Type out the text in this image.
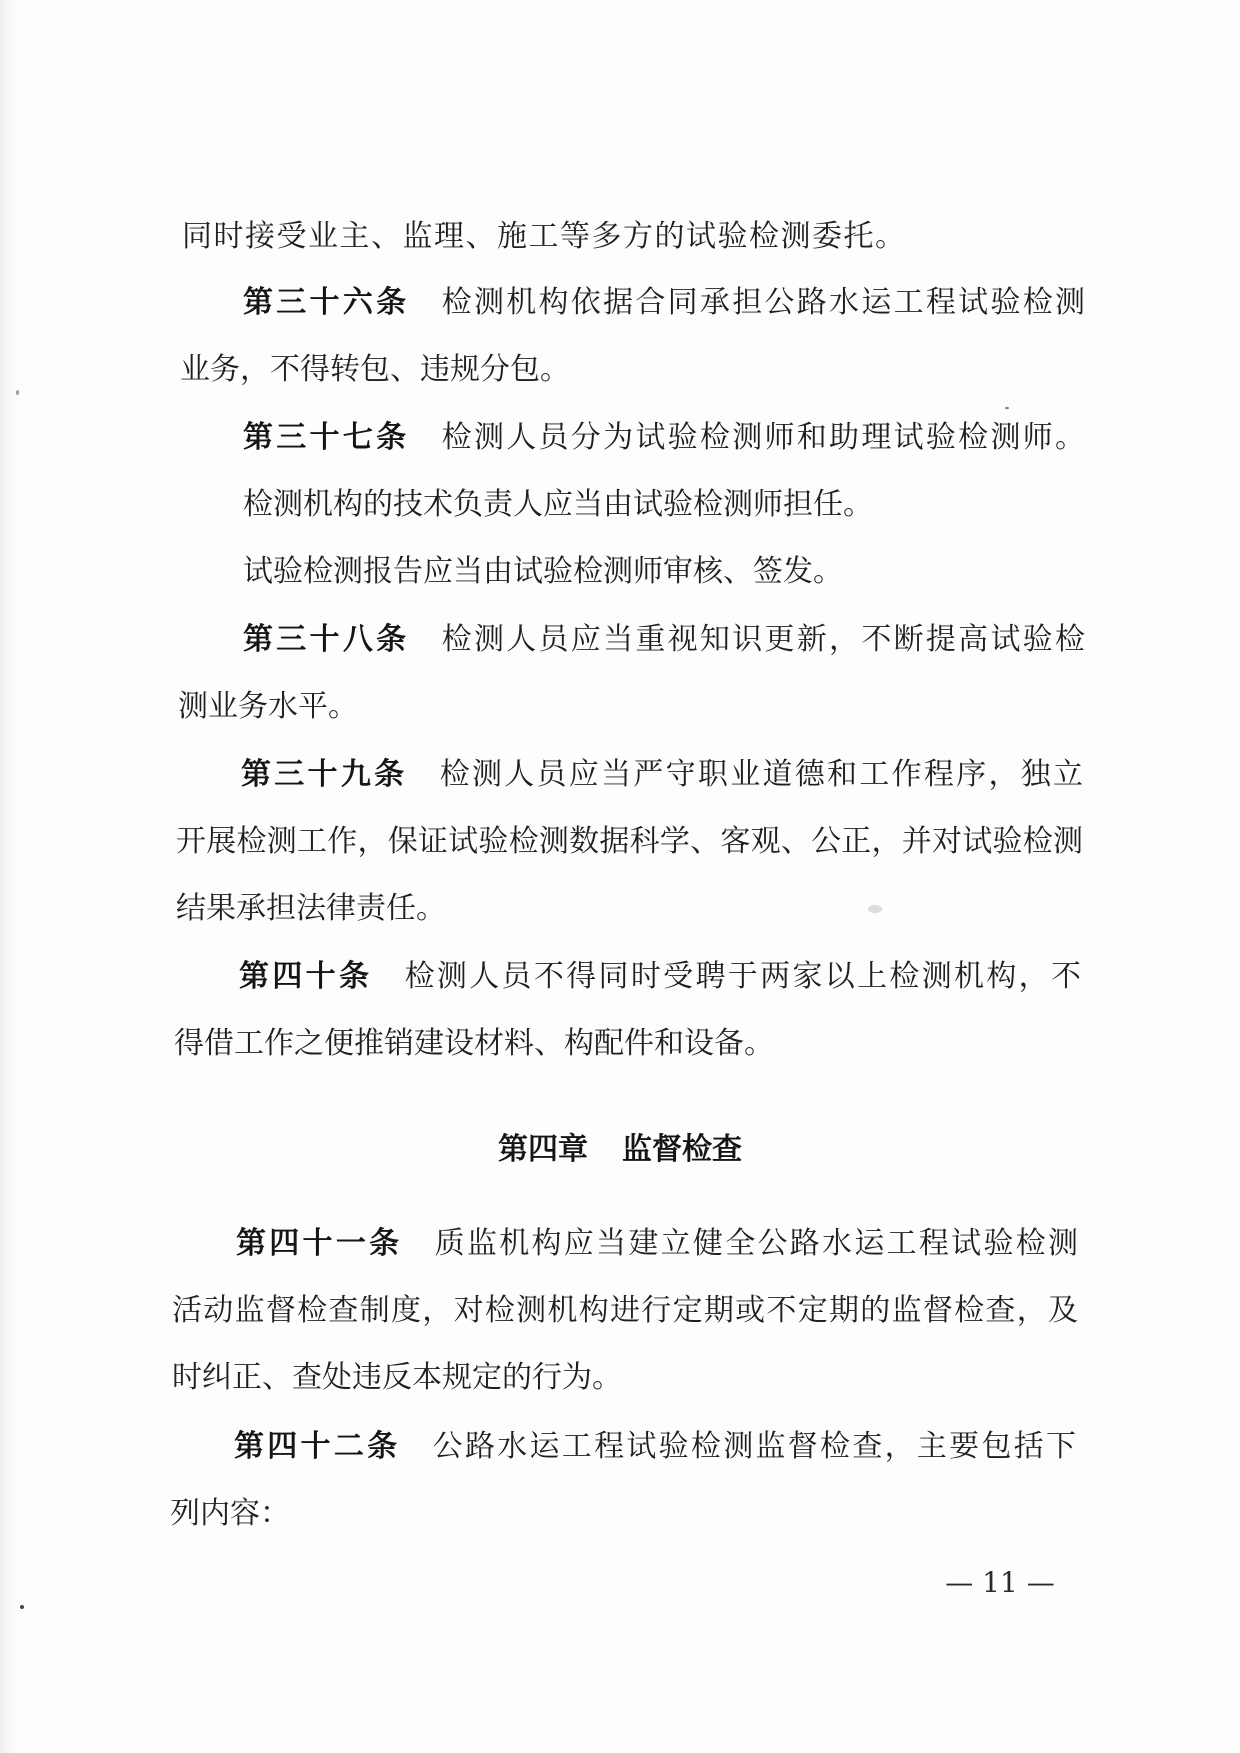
同时接受业主、监理、施工等多方的试验检测委托。

第三十六条 检测机构依据合同承担公路水运工程试验检测

业务，不得转包、违规分包。

第三十七条 检测人员分为试验检测师和助理试验检测师。

检测机构的技术负责人应当由试验检测师担任。

试验检测报告应当由试验检测师审核、签发。

第三十八条 检测人员应当重视知识更新，不断提高试验检

测业务水平。

第三十九条 检测人员应当严守职业道德和工作程序，独立

开展检测工作，保证试验检测数据科学、客观、公正，并对试验检测

结果承担法律责任。

第四十条 检测人员不得同时受聘于两家以上检测机构，不

得借工作之便推销建设材料、构配件和设备。

第四章 监督检查

第四十一条 质监机构应当建立健全公路水运工程试验检测

活动监督检查制度，对检测机构进行定期或不定期的监督检查，及

时纠正、查处违反本规定的行为。

第四十二条 公路水运工程试验检测监督检查，主要包括下

列内容：

— 11 —
